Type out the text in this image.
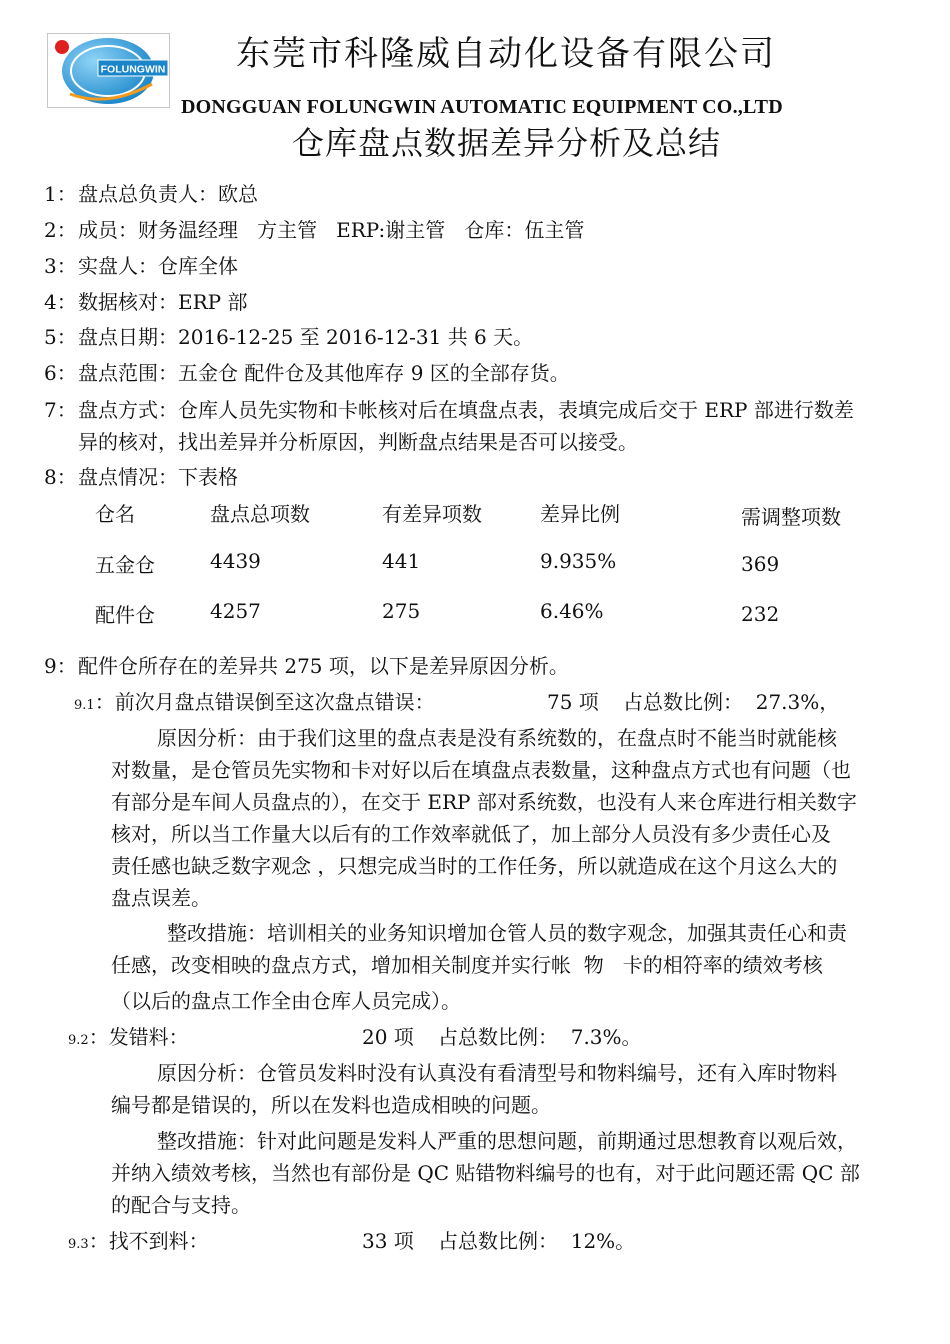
FOLUNGWIN 东莞市科隆威自动化设备有限公司
DONGGUAN FOLUNGWIN AUTOMATIC EQUIPMENT CO.,LTD
仓库盘点数据差异分析及总结
1：盘点总负责人：欧总
2：成员：财务温经理   方主管   ERP:谢主管   仓库：伍主管
3：实盘人：仓库全体
4：数据核对：ERP 部
5：盘点日期：2016-12-25 至 2016-12-31 共 6 天。
6：盘点范围：五金仓 配件仓及其他库存 9 区的全部存货。
7：盘点方式：仓库人员先实物和卡帐核对后在填盘点表，表填完成后交于 ERP 部进行数差
异的核对，找出差异并分析原因，判断盘点结果是否可以接受。
8：盘点情况：下表格
仓名	盘点总项数	有差异项数	差异比例	需调整项数
五金仓	4439	441	9.935%	369
配件仓	4257	275	6.46%	232
9：配件仓所存在的差异共 275 项，以下是差异原因分析。
9.1：前次月盘点错误倒至这次盘点错误：	75 项 占总数比例：  27.3%，
原因分析：由于我们这里的盘点表是没有系统数的，在盘点时不能当时就能核
对数量，是仓管员先实物和卡对好以后在填盘点表数量，这种盘点方式也有问题（也
有部分是车间人员盘点的），在交于 ERP 部对系统数，也没有人来仓库进行相关数字
核对，所以当工作量大以后有的工作效率就低了，加上部分人员没有多少责任心及
责任感也缺乏数字观念 ，只想完成当时的工作任务，所以就造成在这个月这么大的
盘点误差。
整改措施：培训相关的业务知识增加仓管人员的数字观念，加强其责任心和责
任感，改变相映的盘点方式，增加相关制度并实行帐  物   卡的相符率的绩效考核
（以后的盘点工作全由仓库人员完成）。
9.2：发错料：	20 项 占总数比例：  7.3%。
原因分析：仓管员发料时没有认真没有看清型号和物料编号，还有入库时物料
编号都是错误的，所以在发料也造成相映的问题。
整改措施：针对此问题是发料人严重的思想问题，前期通过思想教育以观后效，
并纳入绩效考核，当然也有部份是 QC 贴错物料编号的也有，对于此问题还需 QC 部
的配合与支持。
9.3：找不到料：	33 项 占总数比例：  12%。
